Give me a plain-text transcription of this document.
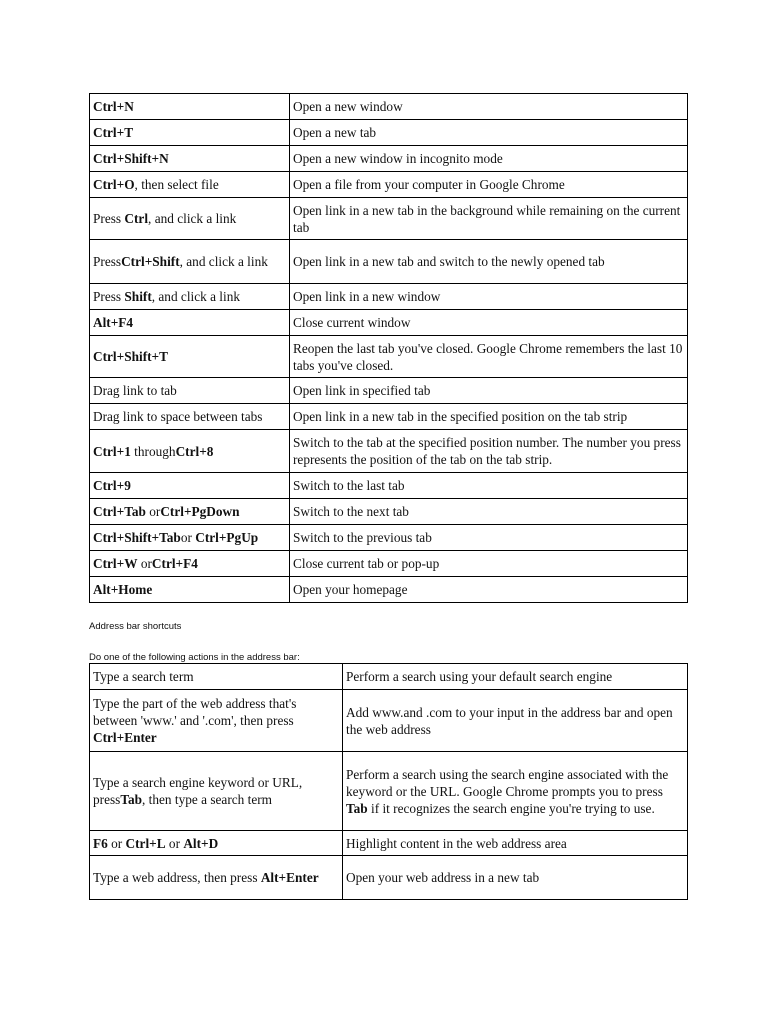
Ctrl+N	Open a new window
Ctrl+T	Open a new tab
Ctrl+Shift+N	Open a new window in incognito mode
Ctrl+O, then select file	Open a file from your computer in Google Chrome
Press Ctrl, and click a link	Open link in a new tab in the background while remaining on the current tab
PressCtrl+Shift, and click a link	Open link in a new tab and switch to the newly opened tab
Press Shift, and click a link	Open link in a new window
Alt+F4	Close current window
Ctrl+Shift+T	Reopen the last tab you've closed. Google Chrome remembers the last 10 tabs you've closed.
Drag link to tab	Open link in specified tab
Drag link to space between tabs	Open link in a new tab in the specified position on the tab strip
Ctrl+1 throughCtrl+8	Switch to the tab at the specified position number. The number you press represents the position of the tab on the tab strip.
Ctrl+9	Switch to the last tab
Ctrl+Tab orCtrl+PgDown	Switch to the next tab
Ctrl+Shift+Tabor Ctrl+PgUp	Switch to the previous tab
Ctrl+W orCtrl+F4	Close current tab or pop-up
Alt+Home	Open your homepage
Address bar shortcuts
Do one of the following actions in the address bar:
Type a search term	Perform a search using your default search engine
Type the part of the web address that's between 'www.' and '.com', then press Ctrl+Enter	Add www.and .com to your input in the address bar and open the web address
Type a search engine keyword or URL, pressTab, then type a search term	Perform a search using the search engine associated with the keyword or the URL. Google Chrome prompts you to press Tab if it recognizes the search engine you're trying to use.
F6 or Ctrl+L or Alt+D	Highlight content in the web address area
Type a web address, then press Alt+Enter	Open your web address in a new tab
